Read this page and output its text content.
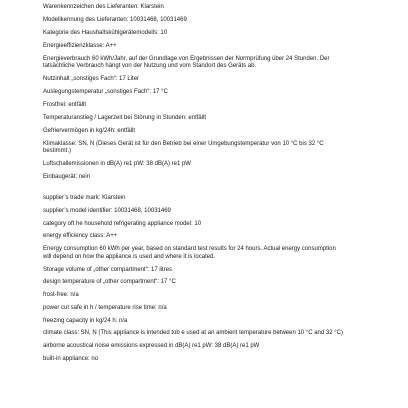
Warenkennzeichen des Lieferanten: Klarstein

Modellkennung des Lieferanten: 10031468, 10031469

Kategorie des Haushaltskühlgerätemodells: 10

Energieeffizienzklasse: A++

Energieverbrauch 60 kWh/Jahr, auf der Grundlage von Ergebnissen der Normprüfung über 24 Stunden. Der tatsächliche Verbrauch hängt von der Nutzung und vom Standort des Geräts ab.

Nutzinhalt „sonstiges Fach“: 17 Liter

Auslegungstemperatur „sonstiges Fach“: 17 °C

Frostfrei: entfällt

Temperaturanstieg / Lagerzeit bei Störung in Stunden: entfällt

Gefriervermögen in kg/24h: entfällt

Klimaklasse: SN, N (Dieses Gerät ist für den Betrieb bei einer Umgebungstemperatur von 10 °C bis 32 °C bestimmt.)

Luftschallemissionen in dB(A) re1 pW: 38 dB(A) re1 pW

Einbaugerät: nein

supplier’s trade mark: Klarstein

supplier’s model identifier: 10031468, 10031469

category oft he household refrigerating appliance model: 10

energy efficiency class: A++

Energy consumption 60 kWh per year, based on standard test results for 24 hours. Actual energy consumption will depend on how the appliance is used and where it is located.

Storage volume of „other compartment“: 17 litres

design temperature of „other compartment“: 17 °C

frost-free: n/a

power cut safe in h / temperature rise time: n/a

freezing capacity in kg/24 h: n/a

climate class: SN, N (This appliance is intended tob e used at an ambient temperature between 10 °C and 32 °C)

airborne acoustical noise emissions expressed in dB(A) re1 pW: 38 dB(A) re1 pW

built-in appliance: no
